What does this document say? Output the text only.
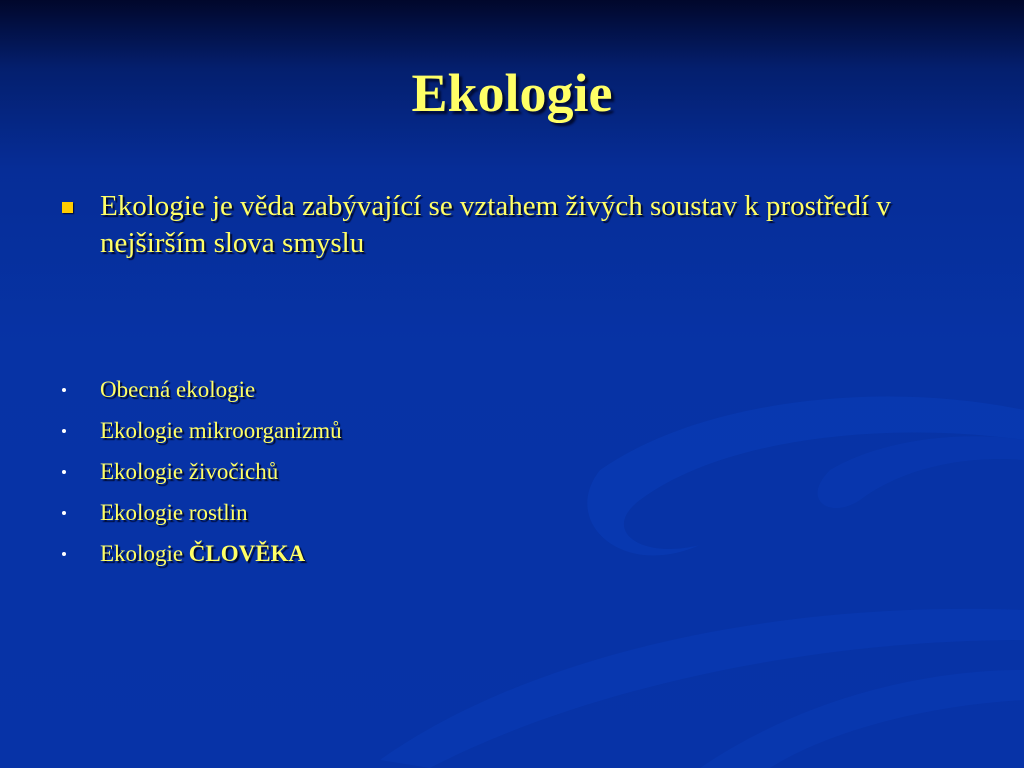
Ekologie
Ekologie je věda zabývající se vztahem živých soustav k prostředí v nejširším slova smyslu
Obecná ekologie
Ekologie mikroorganizmů
Ekologie živočichů
Ekologie rostlin
Ekologie ČLOVĚKA
